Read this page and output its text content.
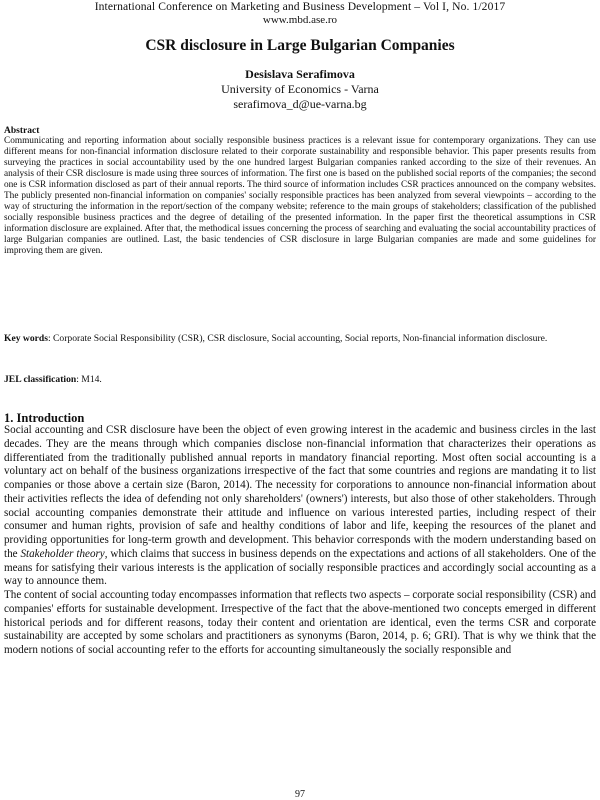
International Conference on Marketing and Business Development – Vol I, No. 1/2017
www.mbd.ase.ro
CSR disclosure in Large Bulgarian Companies
Desislava Serafimova
University of Economics - Varna
serafimova_d@ue-varna.bg
Abstract
Communicating and reporting information about socially responsible business practices is a relevant issue for contemporary organizations. They can use different means for non-financial information disclosure related to their corporate sustainability and responsible behavior. This paper presents results from surveying the practices in social accountability used by the one hundred largest Bulgarian companies ranked according to the size of their revenues. An analysis of their CSR disclosure is made using three sources of information. The first one is based on the published social reports of the companies; the second one is CSR information disclosed as part of their annual reports. The third source of information includes CSR practices announced on the company websites. The publicly presented non-financial information on companies' socially responsible practices has been analyzed from several viewpoints – according to the way of structuring the information in the report/section of the company website; reference to the main groups of stakeholders; classification of the published socially responsible business practices and the degree of detailing of the presented information. In the paper first the theoretical assumptions in CSR information disclosure are explained. After that, the methodical issues concerning the process of searching and evaluating the social accountability practices of large Bulgarian companies are outlined. Last, the basic tendencies of CSR disclosure in large Bulgarian companies are made and some guidelines for improving them are given.
Key words: Corporate Social Responsibility (CSR), CSR disclosure, Social accounting, Social reports, Non-financial information disclosure.
JEL classification: M14.
1. Introduction

Social accounting and CSR disclosure have been the object of even growing interest in the academic and business circles in the last decades. They are the means through which companies disclose non-financial information that characterizes their operations as differentiated from the traditionally published annual reports in mandatory financial reporting. Most often social accounting is a voluntary act on behalf of the business organizations irrespective of the fact that some countries and regions are mandating it to list companies or those above a certain size (Baron, 2014). The necessity for corporations to announce non-financial information about their activities reflects the idea of defending not only shareholders' (owners') interests, but also those of other stakeholders. Through social accounting companies demonstrate their attitude and influence on various interested parties, including respect of their consumer and human rights, provision of safe and healthy conditions of labor and life, keeping the resources of the planet and providing opportunities for long-term growth and development. This behavior corresponds with the modern understanding based on the Stakeholder theory, which claims that success in business depends on the expectations and actions of all stakeholders. One of the means for satisfying their various interests is the application of socially responsible practices and accordingly social accounting as a way to announce them.

The content of social accounting today encompasses information that reflects two aspects – corporate social responsibility (CSR) and companies' efforts for sustainable development. Irrespective of the fact that the above-mentioned two concepts emerged in different historical periods and for different reasons, today their content and orientation are identical, even the terms CSR and corporate sustainability are accepted by some scholars and practitioners as synonyms (Baron, 2014, p. 6; GRI). That is why we think that the modern notions of social accounting refer to the efforts for accounting simultaneously the socially responsible and

97
